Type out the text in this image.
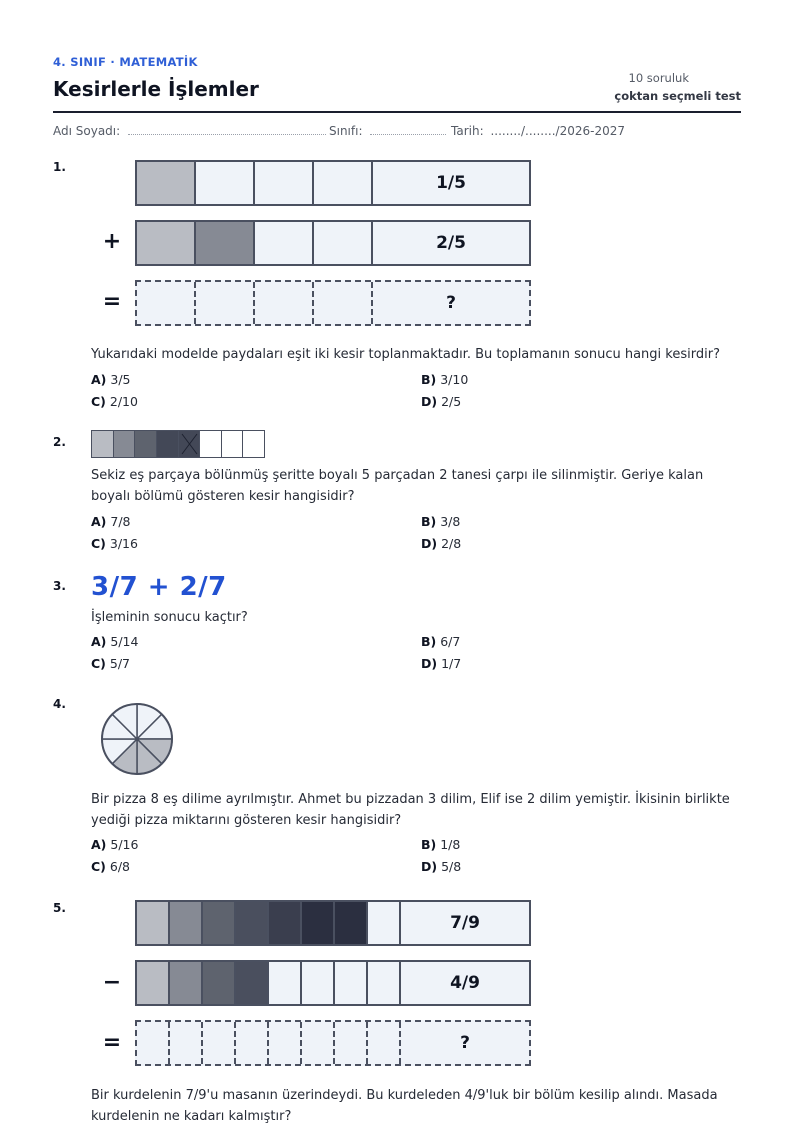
4. SINIF · MATEMATİK
Kesirlerle İşlemler	10 soruluk
çoktan seçmeli test
Adı Soyadı:	Sınıfı:	Tarih: ......../......../2026-2027
1.
1/5
+	2/5
=	?
Yukarıdaki modelde paydaları eşit iki kesir toplanmaktadır. Bu toplamanın sonucu hangi kesirdir?
A) 3/5	B) 3/10
C) 2/10	D) 2/5
2.
Sekiz eş parçaya bölünmüş şeritte boyalı 5 parçadan 2 tanesi çarpı ile silinmiştir. Geriye kalan boyalı bölümü gösteren kesir hangisidir?
A) 7/8	B) 3/8
C) 3/16	D) 2/8
3. 3/7 + 2/7
İşleminin sonucu kaçtır?
A) 5/14	B) 6/7
C) 5/7	D) 1/7
4.
Bir pizza 8 eş dilime ayrılmıştır. Ahmet bu pizzadan 3 dilim, Elif ise 2 dilim yemiştir. İkisinin birlikte yediği pizza miktarını gösteren kesir hangisidir?
A) 5/16	B) 1/8
C) 6/8	D) 5/8
5.
7/9
−	4/9
=	?
Bir kurdelenin 7/9'u masanın üzerindeydi. Bu kurdeleden 4/9'luk bir bölüm kesilip alındı. Masada kurdelenin ne kadarı kalmıştır?
